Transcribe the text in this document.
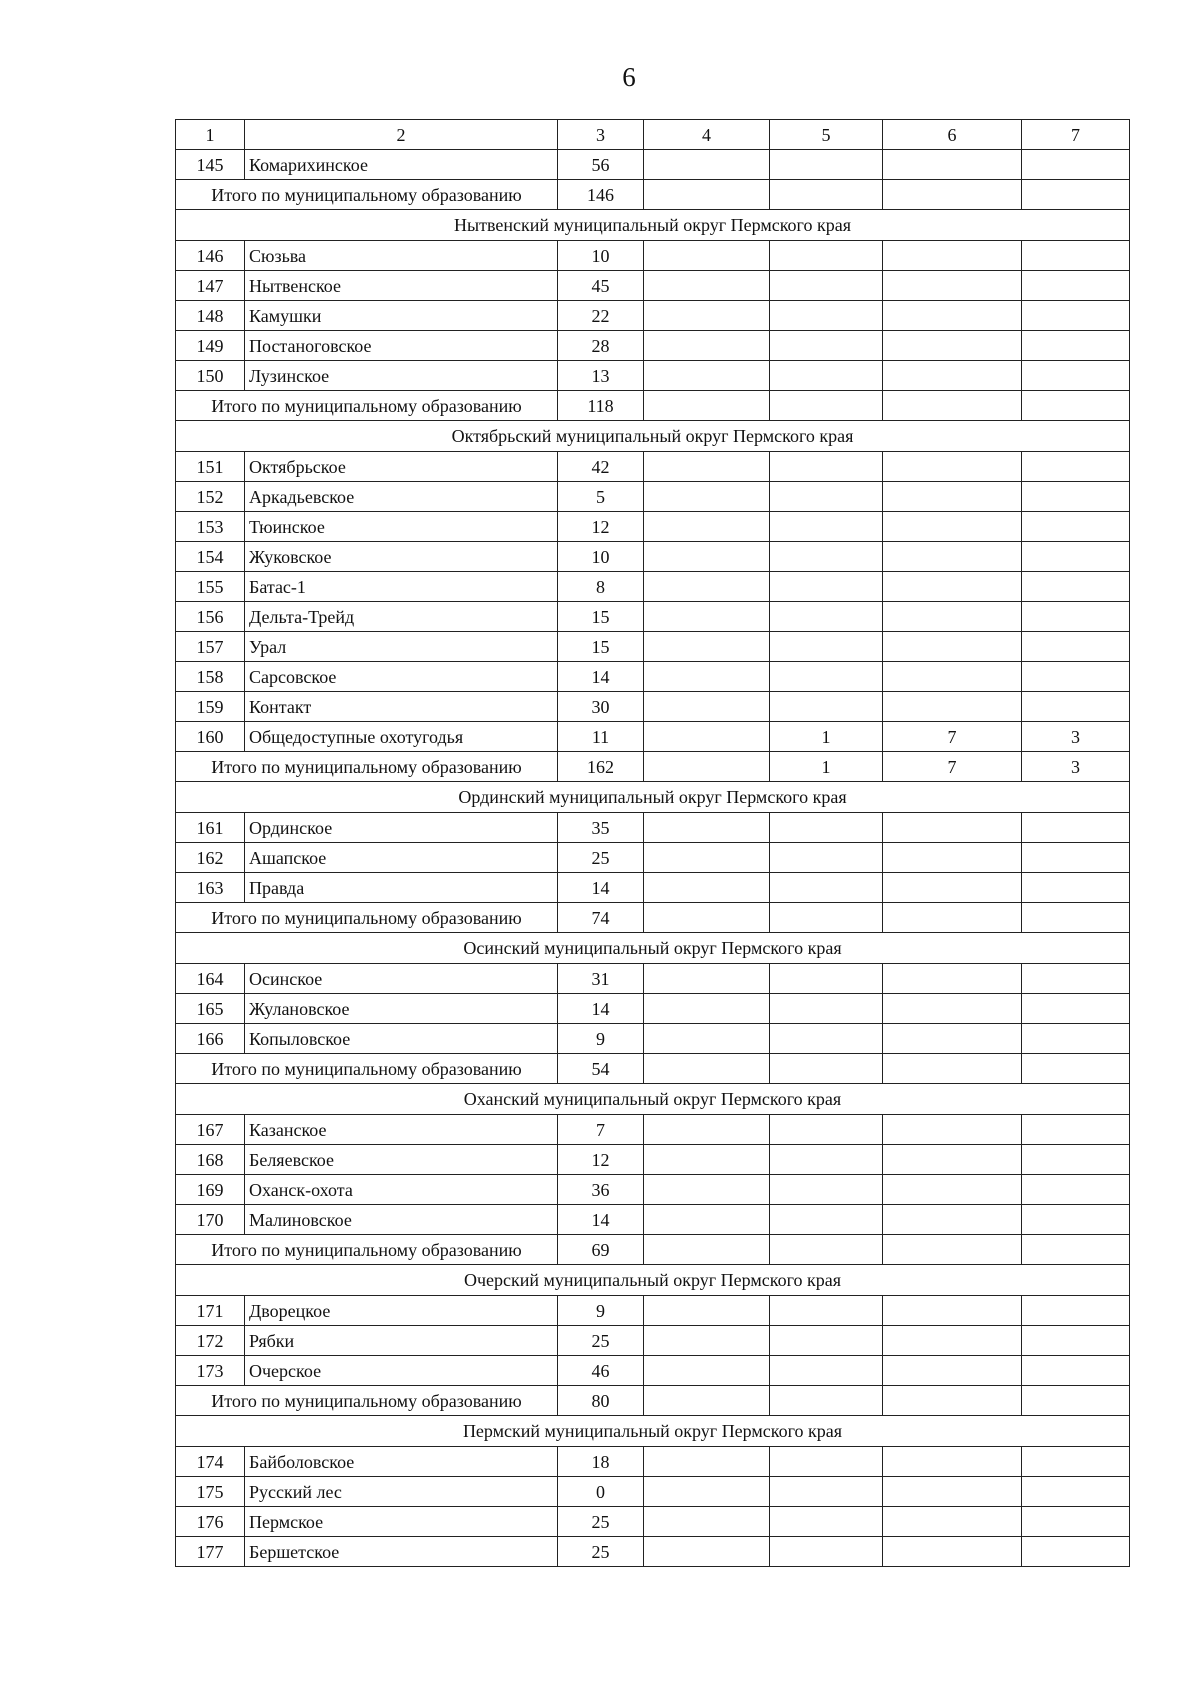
6
1	2	3	4	5	6	7
145	Комарихинское	56				
Итого по муниципальному образованию		146				
Нытвенский муниципальный округ Пермского края						
146	Сюзьва	10				
147	Нытвенское	45				
148	Камушки	22				
149	Постаноговское	28				
150	Лузинское	13				
Итого по муниципальному образованию		118				
Октябрьский муниципальный округ Пермского края						
151	Октябрьское	42				
152	Аркадьевское	5				
153	Тюинское	12				
154	Жуковское	10				
155	Батас-1	8				
156	Дельта-Трейд	15				
157	Урал	15				
158	Сарсовское	14				
159	Контакт	30				
160	Общедоступные охотугодья	11		1	7	3
Итого по муниципальному образованию		162		1	7	3
Ординский муниципальный округ Пермского края						
161	Ординское	35				
162	Ашапское	25				
163	Правда	14				
Итого по муниципальному образованию		74				
Осинский муниципальный округ Пермского края						
164	Осинское	31				
165	Жулановское	14				
166	Копыловское	9				
Итого по муниципальному образованию		54				
Оханский муниципальный округ Пермского края						
167	Казанское	7				
168	Беляевское	12				
169	Оханск-охота	36				
170	Малиновское	14				
Итого по муниципальному образованию		69				
Очерский муниципальный округ Пермского края						
171	Дворецкое	9				
172	Рябки	25				
173	Очерское	46				
Итого по муниципальному образованию		80				
Пермский муниципальный округ Пермского края						
174	Байболовское	18				
175	Русский лес	0				
176	Пермское	25				
177	Бершетское	25				
